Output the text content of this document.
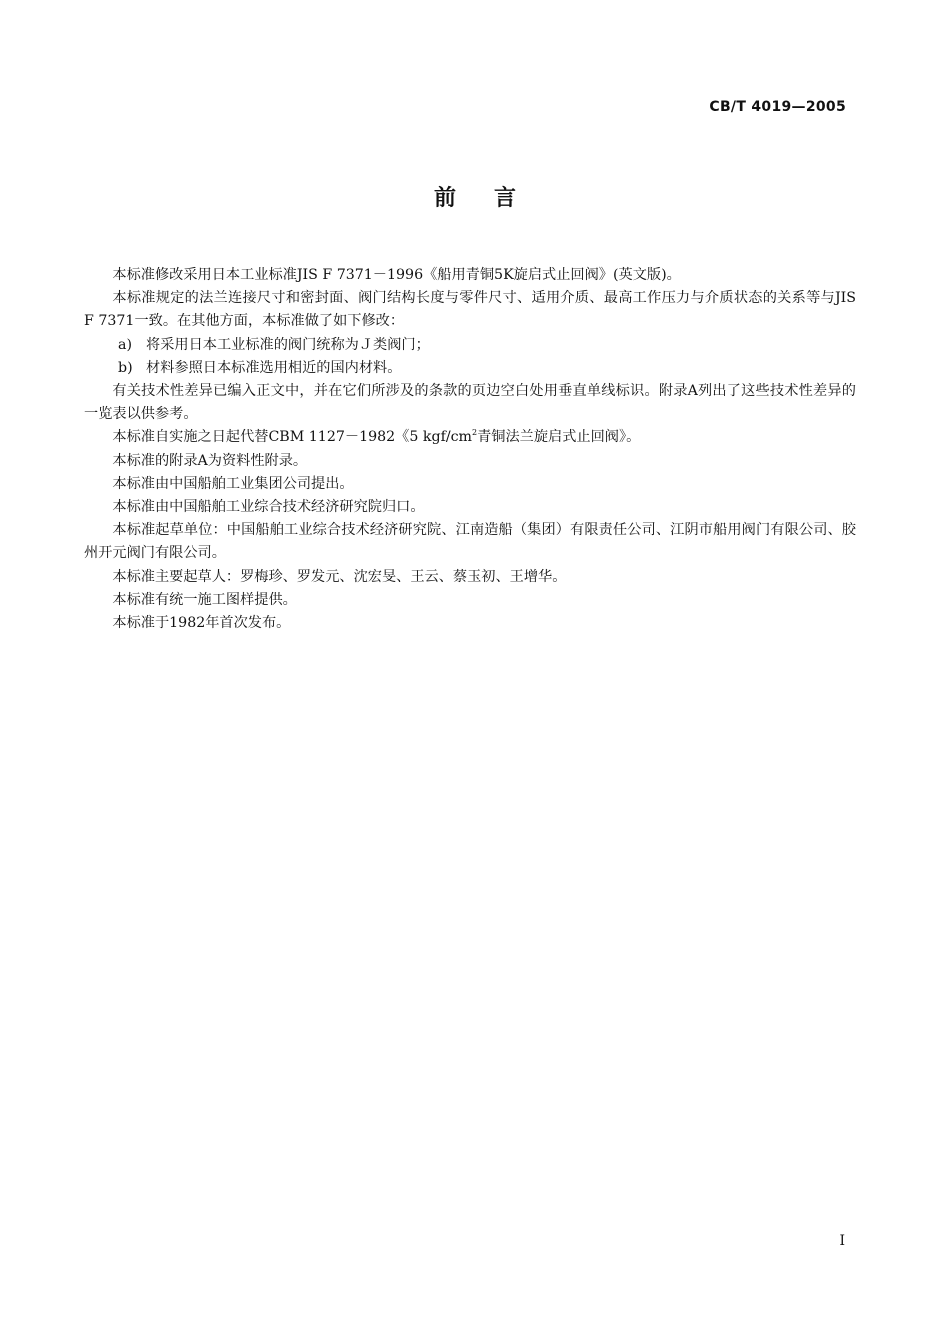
CB/T 4019—2005
前 言

本标准修改采用日本工业标准JIS F 7371－1996《船用青铜5K旋启式止回阀》(英文版)。

本标准规定的法兰连接尺寸和密封面、阀门结构长度与零件尺寸、适用介质、最高工作压力与介质状态的关系等与JIS F 7371一致。在其他方面，本标准做了如下修改：

a) 将采用日本工业标准的阀门统称为Ｊ类阀门；

b) 材料参照日本标准选用相近的国内材料。

有关技术性差异已编入正文中，并在它们所涉及的条款的页边空白处用垂直单线标识。附录A列出了这些技术性差异的一览表以供参考。

本标准自实施之日起代替CBM 1127－1982《5 kgf/$cm^2$青铜法兰旋启式止回阀》。

本标准的附录A为资料性附录。

本标准由中国船舶工业集团公司提出。

本标准由中国船舶工业综合技术经济研究院归口。

本标准起草单位：中国船舶工业综合技术经济研究院、江南造船（集团）有限责任公司、江阴市船用阀门有限公司、胶州开元阀门有限公司。

本标准主要起草人：罗梅珍、罗发元、沈宏旻、王云、蔡玉初、王增华。

本标准有统一施工图样提供。

本标准于1982年首次发布。

I
